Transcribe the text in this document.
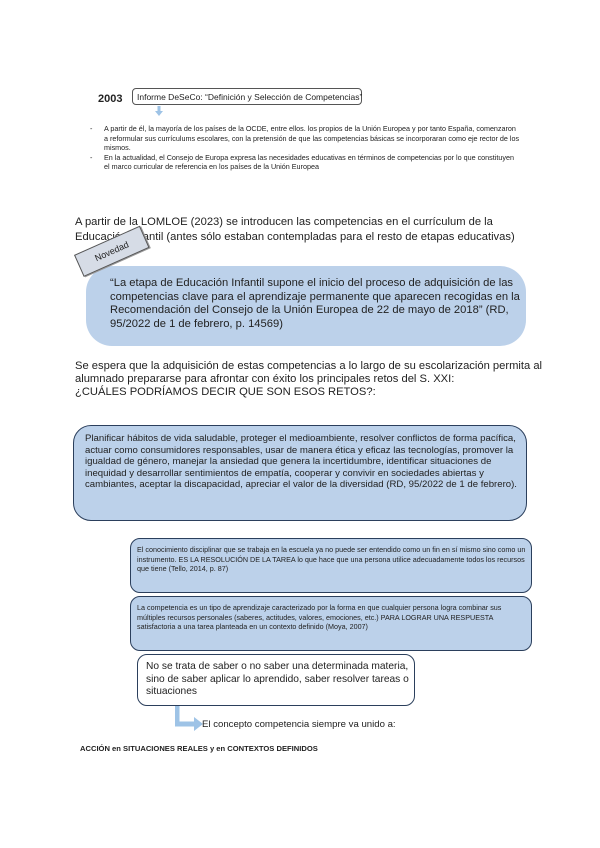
2003	Informe DeSeCo: “Definición y Selección de Competencias”
- A partir de él, la mayoría de los países de la OCDE, entre ellos. los propios de la Unión Europea y por tanto España, comenzaron a reformular sus currículums escolares, con la pretensión de que las competencias básicas se incorporaran como eje rector de los mismos.
- En la actualidad, el Consejo de Europa expresa las necesidades educativas en términos de competencias por lo que constituyen el marco curricular de referencia en los países de la Unión Europea
A partir de la LOMLOE (2023) se introducen las competencias en el currículum de la Educación Infantil (antes sólo estaban contempladas para el resto de etapas educativas)
Novedad
“La etapa de Educación Infantil supone el inicio del proceso de adquisición de las competencias clave para el aprendizaje permanente que aparecen recogidas en la Recomendación del Consejo de la Unión Europea de 22 de mayo de 2018” (RD, 95/2022 de 1 de febrero, p. 14569)
Se espera que la adquisición de estas competencias a lo largo de su escolarización permita al alumnado prepararse para afrontar con éxito los principales retos del S. XXI:
¿CUÁLES PODRÍAMOS DECIR QUE SON ESOS RETOS?:
Planificar hábitos de vida saludable, proteger el medioambiente, resolver conflictos de forma pacífica, actuar como consumidores responsables, usar de manera ética y eficaz las tecnologías, promover la igualdad de género, manejar la ansiedad que genera la incertidumbre, identificar situaciones de inequidad y desarrollar sentimientos de empatía, cooperar y convivir en sociedades abiertas y cambiantes, aceptar la discapacidad, apreciar el valor de la diversidad (RD, 95/2022 de 1 de febrero).
El conocimiento disciplinar que se trabaja en la escuela ya no puede ser entendido como un fin en sí mismo sino como un instrumento. ES LA RESOLUCIÓN DE LA TAREA lo que hace que una persona utilice adecuadamente todos los recursos que tiene (Tello, 2014, p. 87)
La competencia es un tipo de aprendizaje caracterizado por la forma en que cualquier persona logra combinar sus múltiples recursos personales (saberes, actitudes, valores, emociones, etc.) PARA LOGRAR UNA RESPUESTA satisfactoria a una tarea planteada en un contexto definido (Moya, 2007)
No se trata de saber o no saber una determinada materia, sino de saber aplicar lo aprendido, saber resolver tareas o situaciones
El concepto competencia siempre va unido a:
ACCIÓN en SITUACIONES REALES y en CONTEXTOS DEFINIDOS
